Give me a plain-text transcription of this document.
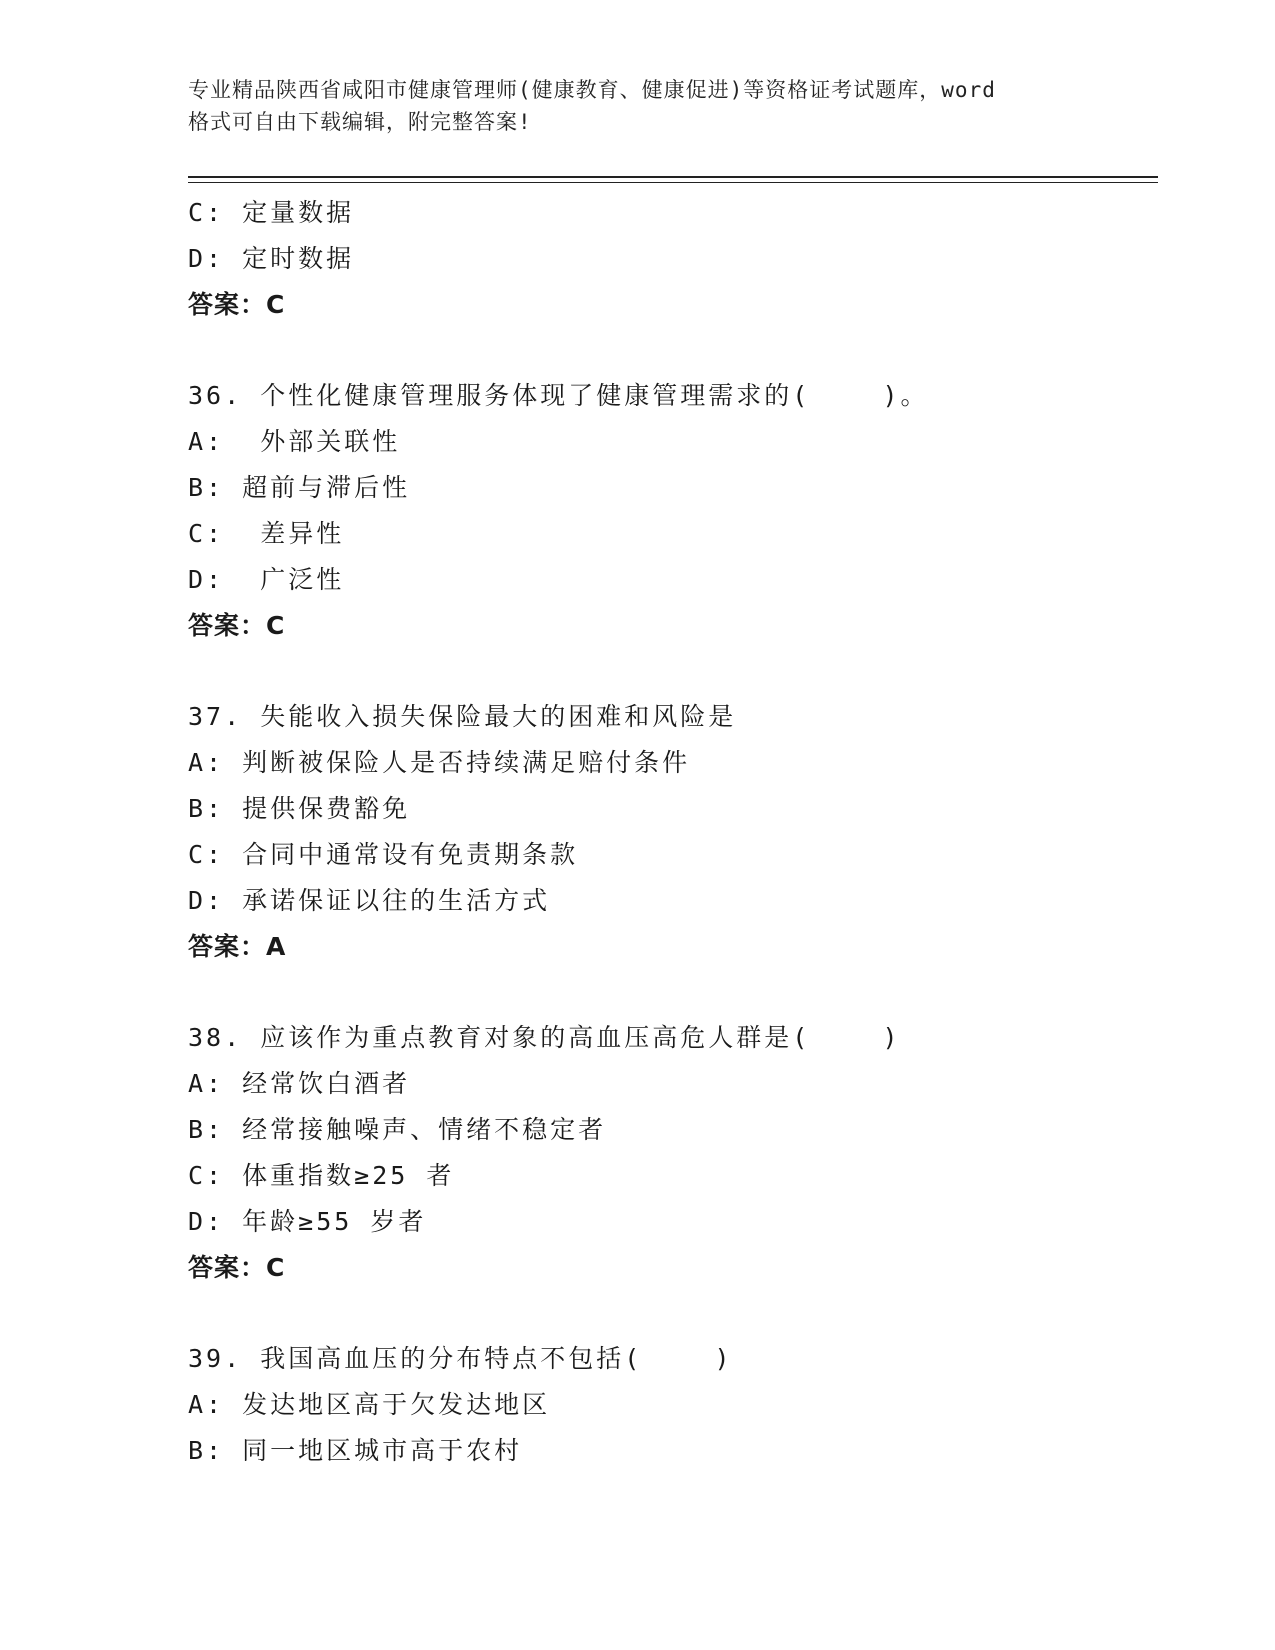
专业精品陕西省咸阳市健康管理师(健康教育、健康促进)等资格证考试题库，word
格式可自由下载编辑，附完整答案!
C: 定量数据
D: 定时数据
答案：C
36. 个性化健康管理服务体现了健康管理需求的(    )。
A:  外部关联性
B: 超前与滞后性
C:  差异性
D:  广泛性
答案：C
37. 失能收入损失保险最大的困难和风险是
A: 判断被保险人是否持续满足赔付条件
B: 提供保费豁免
C: 合同中通常设有免责期条款
D: 承诺保证以往的生活方式
答案：A
38. 应该作为重点教育对象的高血压高危人群是(    )
A: 经常饮白酒者
B: 经常接触噪声、情绪不稳定者
C: 体重指数≥25 者
D: 年龄≥55 岁者
答案：C
39. 我国高血压的分布特点不包括(    )
A: 发达地区高于欠发达地区
B: 同一地区城市高于农村
